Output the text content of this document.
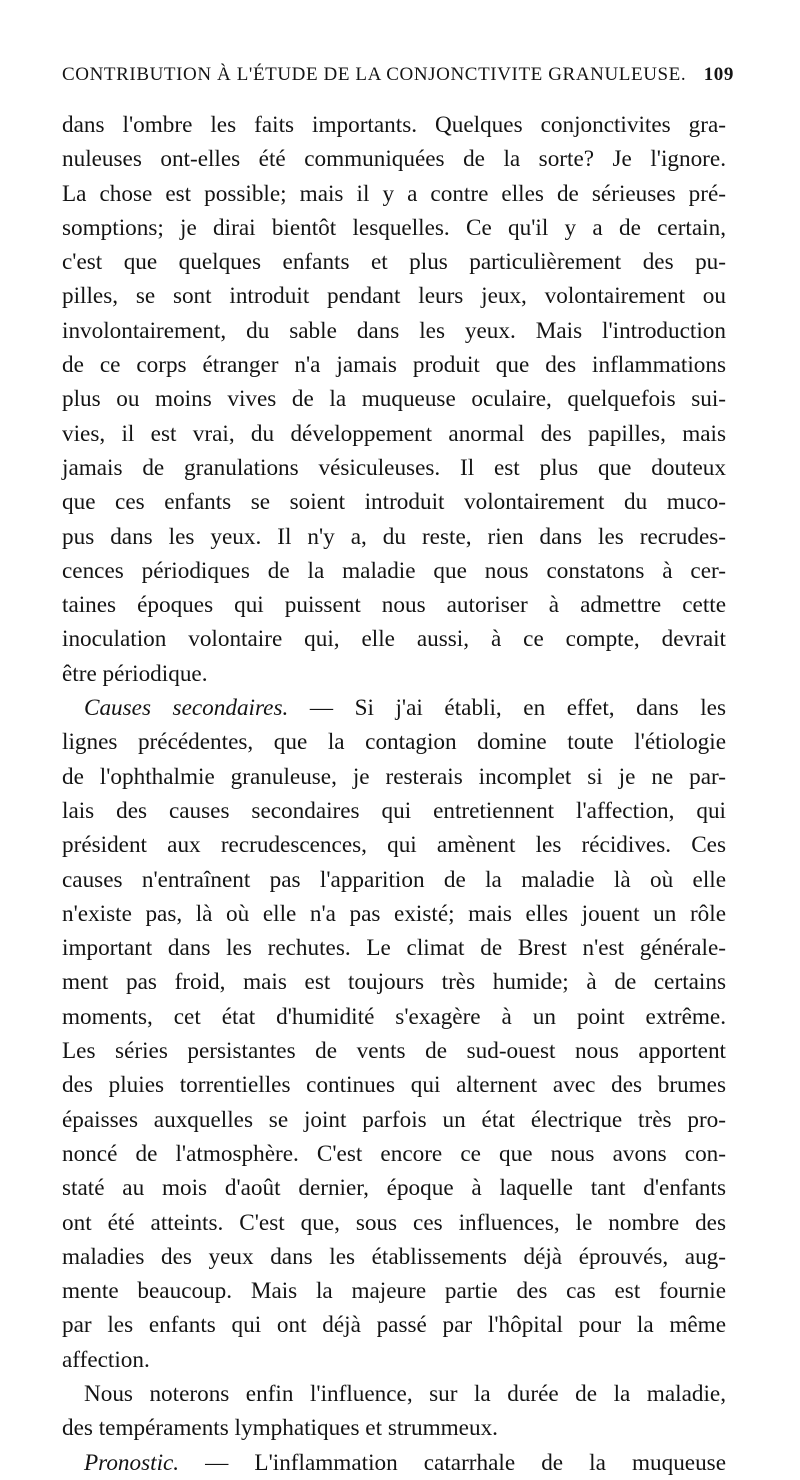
CONTRIBUTION À L'ÉTUDE DE LA CONJONCTIVITE GRANULEUSE. 109
dans l'ombre les faits importants. Quelques conjonctivites gra-
nuleuses ont-elles été communiquées de la sorte? Je l'ignore.
La chose est possible; mais il y a contre elles de sérieuses pré-
somptions; je dirai bientôt lesquelles. Ce qu'il y a de certain,
c'est que quelques enfants et plus particulièrement des pu-
pilles, se sont introduit pendant leurs jeux, volontairement ou
involontairement, du sable dans les yeux. Mais l'introduction
de ce corps étranger n'a jamais produit que des inflammations
plus ou moins vives de la muqueuse oculaire, quelquefois sui-
vies, il est vrai, du développement anormal des papilles, mais
jamais de granulations vésiculeuses. Il est plus que douteux
que ces enfants se soient introduit volontairement du muco-
pus dans les yeux. Il n'y a, du reste, rien dans les recrudes-
cences périodiques de la maladie que nous constatons à cer-
taines époques qui puissent nous autoriser à admettre cette
inoculation volontaire qui, elle aussi, à ce compte, devrait
être périodique.
Causes secondaires. — Si j'ai établi, en effet, dans les
lignes précédentes, que la contagion domine toute l'étiologie
de l'ophthalmie granuleuse, je resterais incomplet si je ne par-
lais des causes secondaires qui entretiennent l'affection, qui
président aux recrudescences, qui amènent les récidives. Ces
causes n'entraînent pas l'apparition de la maladie là où elle
n'existe pas, là où elle n'a pas existé; mais elles jouent un rôle
important dans les rechutes. Le climat de Brest n'est générale-
ment pas froid, mais est toujours très humide; à de certains
moments, cet état d'humidité s'exagère à un point extrême.
Les séries persistantes de vents de sud-ouest nous apportent
des pluies torrentielles continues qui alternent avec des brumes
épaisses auxquelles se joint parfois un état électrique très pro-
noncé de l'atmosphère. C'est encore ce que nous avons con-
staté au mois d'août dernier, époque à laquelle tant d'enfants
ont été atteints. C'est que, sous ces influences, le nombre des
maladies des yeux dans les établissements déjà éprouvés, aug-
mente beaucoup. Mais la majeure partie des cas est fournie
par les enfants qui ont déjà passé par l'hôpital pour la même
affection.
Nous noterons enfin l'influence, sur la durée de la maladie,
des tempéraments lymphatiques et strummeux.
Pronostic. — L'inflammation catarrhale de la muqueuse
